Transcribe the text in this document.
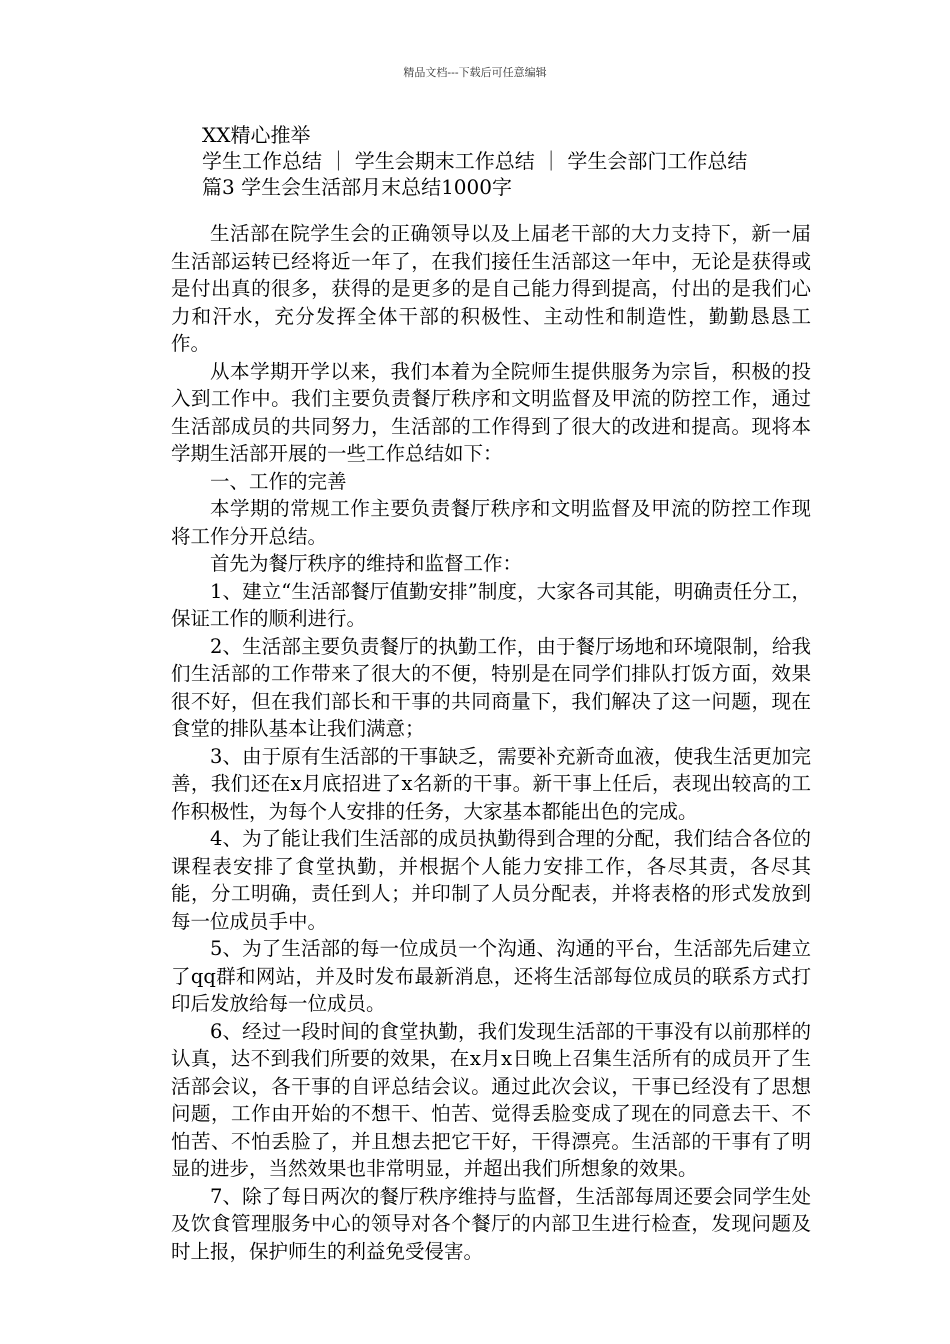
精品文档---下载后可任意编辑
XX精心推举
学生工作总结 ｜ 学生会期末工作总结 ｜ 学生会部门工作总结
篇3 学生会生活部月末总结1000字

生活部在院学生会的正确领导以及上届老干部的大力支持下，新一届生活部运转已经将近一年了，在我们接任生活部这一年中，无论是获得或是付出真的很多，获得的是更多的是自己能力得到提高，付出的是我们心力和汗水，充分发挥全体干部的积极性、主动性和制造性，勤勤恳恳工作。

从本学期开学以来，我们本着为全院师生提供服务为宗旨，积极的投入到工作中。我们主要负责餐厅秩序和文明监督及甲流的防控工作，通过生活部成员的共同努力，生活部的工作得到了很大的改进和提高。现将本学期生活部开展的一些工作总结如下：

一、工作的完善

本学期的常规工作主要负责餐厅秩序和文明监督及甲流的防控工作现将工作分开总结。

首先为餐厅秩序的维持和监督工作：

1、建立“生活部餐厅值勤安排”制度，大家各司其能，明确责任分工，保证工作的顺利进行。

2、生活部主要负责餐厅的执勤工作，由于餐厅场地和环境限制，给我们生活部的工作带来了很大的不便，特别是在同学们排队打饭方面，效果很不好，但在我们部长和干事的共同商量下，我们解决了这一问题，现在食堂的排队基本让我们满意；

3、由于原有生活部的干事缺乏，需要补充新奇血液，使我生活更加完善，我们还在x月底招进了x名新的干事。新干事上任后，表现出较高的工作积极性，为每个人安排的任务，大家基本都能出色的完成。

4、为了能让我们生活部的成员执勤得到合理的分配，我们结合各位的课程表安排了食堂执勤，并根据个人能力安排工作，各尽其责，各尽其能，分工明确，责任到人；并印制了人员分配表，并将表格的形式发放到每一位成员手中。

5、为了生活部的每一位成员一个沟通、沟通的平台，生活部先后建立了qq群和网站，并及时发布最新消息，还将生活部每位成员的联系方式打印后发放给每一位成员。

6、经过一段时间的食堂执勤，我们发现生活部的干事没有以前那样的认真，达不到我们所要的效果，在x月x日晚上召集生活所有的成员开了生活部会议，各干事的自评总结会议。通过此次会议，干事已经没有了思想问题，工作由开始的不想干、怕苦、觉得丢脸变成了现在的同意去干、不怕苦、不怕丢脸了，并且想去把它干好，干得漂亮。生活部的干事有了明显的进步，当然效果也非常明显，并超出我们所想象的效果。

7、除了每日两次的餐厅秩序维持与监督，生活部每周还要会同学生处及饮食管理服务中心的领导对各个餐厅的内部卫生进行检查，发现问题及时上报，保护师生的利益免受侵害。
